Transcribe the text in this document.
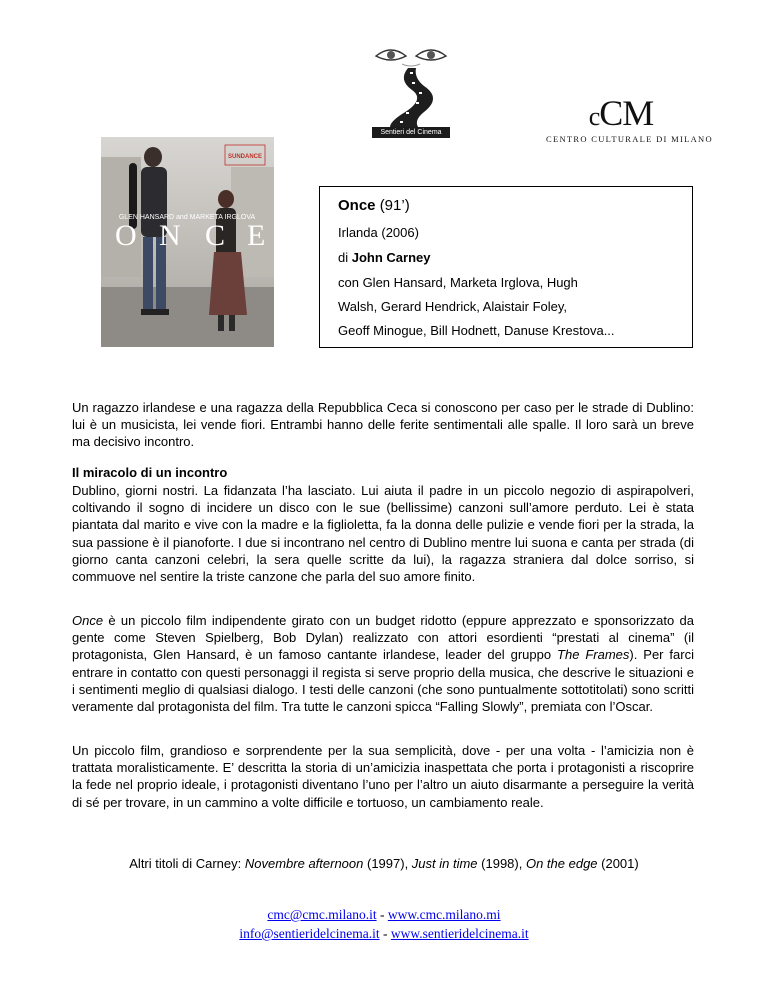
Sentieri del Cinema
cCM
CENTRO CULTURALE DI MILANO
SUNDANCE
GLEN HANSARD and MARKETA IRGLOVA
O N C E
Once (91’)
Irlanda (2006)
di John Carney
con Glen Hansard, Marketa Irglova, Hugh
Walsh, Gerard Hendrick, Alaistair Foley,
Geoff Minogue, Bill Hodnett, Danuse Krestova...
Un ragazzo irlandese e una ragazza della Repubblica Ceca si conoscono per caso per le strade di Dublino: lui è un musicista, lei vende fiori. Entrambi hanno delle ferite sentimentali alle spalle. Il loro sarà un breve ma decisivo incontro.
Il miracolo di un incontro
Dublino, giorni nostri. La fidanzata l’ha lasciato. Lui aiuta il padre in un piccolo negozio di aspirapolveri, coltivando il sogno di incidere un disco con le sue (bellissime) canzoni sull’amore perduto. Lei è stata piantata dal marito e vive con la madre e la figlioletta, fa la donna delle pulizie e vende fiori per la strada, la sua passione è il pianoforte. I due si incontrano nel centro di Dublino mentre lui suona e canta per strada (di giorno canta canzoni celebri, la sera quelle scritte da lui), la ragazza straniera dal dolce sorriso, si commuove nel sentire la triste canzone che parla del suo amore finito.
Once è un piccolo film indipendente girato con un budget ridotto (eppure apprezzato e sponsorizzato da gente come Steven Spielberg, Bob Dylan) realizzato con attori esordienti “prestati al cinema” (il protagonista, Glen Hansard, è un famoso cantante irlandese, leader del gruppo The Frames). Per farci entrare in contatto con questi personaggi il regista si serve proprio della musica, che descrive le situazioni e i sentimenti meglio di qualsiasi dialogo. I testi delle canzoni (che sono puntualmente sottotitolati) sono scritti veramente dal protagonista del film. Tra tutte le canzoni spicca “Falling Slowly”, premiata con l’Oscar.
Un piccolo film, grandioso e sorprendente per la sua semplicità, dove - per una volta - l’amicizia non è trattata moralisticamente. E’ descritta la storia di un’amicizia inaspettata che porta i protagonisti a riscoprire la fede nel proprio ideale, i protagonisti diventano l’uno per l’altro un aiuto disarmante a perseguire la verità di sé per trovare, in un cammino a volte difficile e tortuoso, un cambiamento reale.
Altri titoli di Carney: Novembre afternoon (1997), Just in time (1998), On the edge (2001)
cmc@cmc.milano.it - www.cmc.milano.mi
info@sentieridelcinema.it - www.sentieridelcinema.it
